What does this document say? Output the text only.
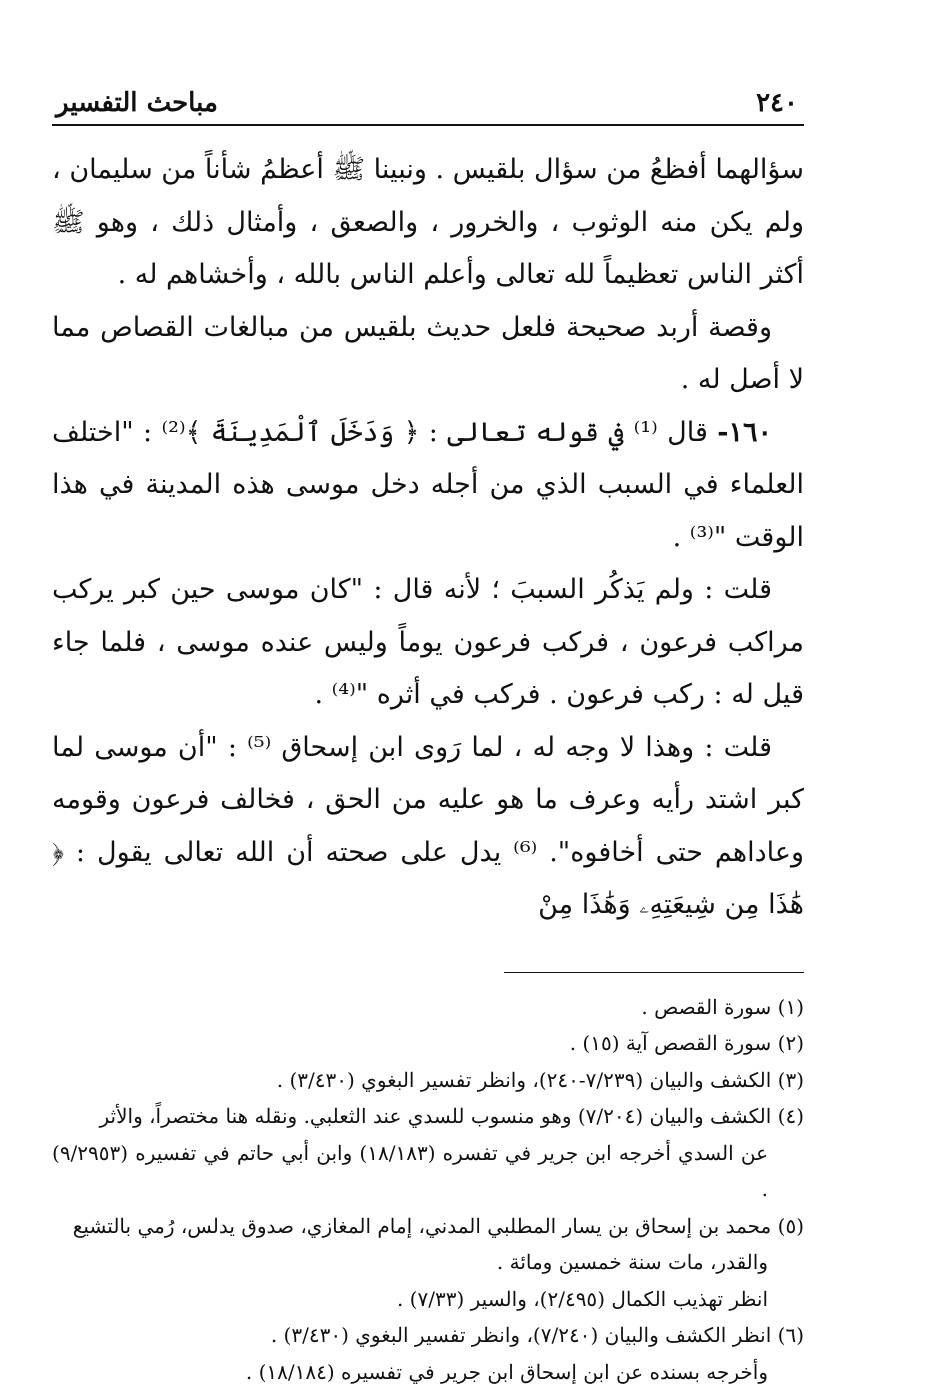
٢٤٠
مباحث التفسير

سؤالهما أفظعُ من سؤال بلقيس . ونبينا ﷺ أعظمُ شأناً من سليمان ، ولم يكن منه الوثوب ، والخرور ، والصعق ، وأمثال ذلك ، وهو ﷺ أكثر الناس تعظيماً لله تعالى وأعلم الناس بالله ، وأخشاهم له .

وقصة أربد صحيحة فلعل حديث بلقيس من مبالغات القصاص مما لا أصل له .

١٦٠- قال ⁽¹⁾ في قوله تعالى : ﴿ وَدَخَلَ ٱلْمَدِينَةَ ﴾⁽²⁾ : "اختلف العلماء في السبب الذي من أجله دخل موسى هذه المدينة في هذا الوقت "⁽³⁾ .

قلت : ولم يَذكُر السببَ ؛ لأنه قال : "كان موسى حين كبر يركب مراكب فرعون ، فركب فرعون يوماً وليس عنده موسى ، فلما جاء قيل له : ركب فرعون . فركب في أثره "⁽⁴⁾ .

قلت : وهذا لا وجه له ، لما رَوى ابن إسحاق ⁽⁵⁾ : "أن موسى لما كبر اشتد رأيه وعرف ما هو عليه من الحق ، فخالف فرعون وقومه وعاداهم حتى أخافوه". ⁽⁶⁾ يدل على صحته أن الله تعالى يقول : ﴿ هَٰذَا مِن شِيعَتِهِۦ وَهَٰذَا مِنْ

(١) سورة القصص .

(٢) سورة القصص آية (١٥) .

(٣) الكشف والبيان (٧/٢٣٩-٢٤٠)، وانظر تفسير البغوي (٣/٤٣٠) .

(٤) الكشف والبيان (٧/٢٠٤) وهو منسوب للسدي عند الثعلبي. ونقله هنا مختصراً، والأثر

عن السدي أخرجه ابن جرير في تفسره (١٨/١٨٣) وابن أبي حاتم في تفسيره (٩/٢٩٥٣) .

(٥) محمد بن إسحاق بن يسار المطلبي المدني، إمام المغازي، صدوق يدلس، رُمي بالتشيع

والقدر، مات سنة خمسين ومائة .

انظر تهذيب الكمال (٢/٤٩٥)، والسير (٧/٣٣) .

(٦) انظر الكشف والبيان (٧/٢٤٠)، وانظر تفسير البغوي (٣/٤٣٠) .

وأخرجه بسنده عن ابن إسحاق ابن جرير في تفسيره (١٨/١٨٤) .
